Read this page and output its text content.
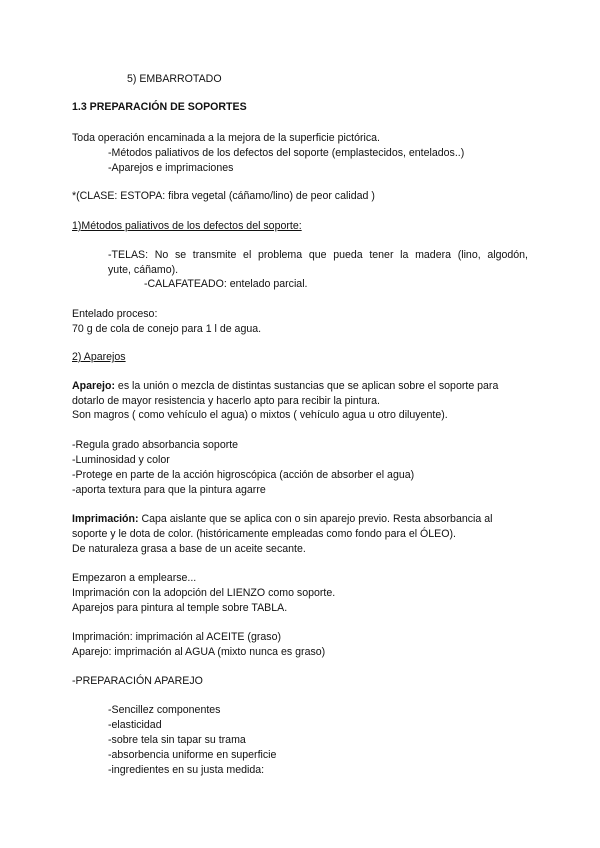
5) EMBARROTADO
1.3 PREPARACIÓN DE SOPORTES
Toda operación encaminada a la mejora de la superficie pictórica.
-Métodos paliativos de los defectos del soporte (emplastecidos, entelados..)
-Aparejos e imprimaciones
*(CLASE: ESTOPA: fibra vegetal (cáñamo/lino) de peor calidad )
1)Métodos paliativos de los defectos del soporte:
-TELAS: No se transmite el problema que pueda tener la madera (lino, algodón,
yute, cáñamo).
-CALAFATEADO: entelado parcial.
Entelado proceso:
70 g de cola de conejo para 1 l de agua.
2) Aparejos
Aparejo: es la unión o mezcla de distintas sustancias que se aplican sobre el soporte para
dotarlo de mayor resistencia y hacerlo apto para recibir la pintura.
Son magros ( como vehículo el agua) o mixtos ( vehículo agua u otro diluyente).
-Regula grado absorbancia soporte
-Luminosidad y color
-Protege en parte de la acción higroscópica (acción de absorber el agua)
-aporta textura para que la pintura agarre
Imprimación: Capa aislante que se aplica con o sin aparejo previo. Resta absorbancia al
soporte y le dota de color. (históricamente empleadas como fondo para el ÓLEO).
De naturaleza grasa a base de un aceite secante.
Empezaron a emplearse...
Imprimación con la adopción del LIENZO como soporte.
Aparejos para pintura al temple sobre TABLA.
Imprimación: imprimación al ACEITE (graso)
Aparejo: imprimación al AGUA (mixto nunca es graso)
-PREPARACIÓN APAREJO
-Sencillez componentes
-elasticidad
-sobre tela sin tapar su trama
-absorbencia uniforme en superficie
-ingredientes en su justa medida:
